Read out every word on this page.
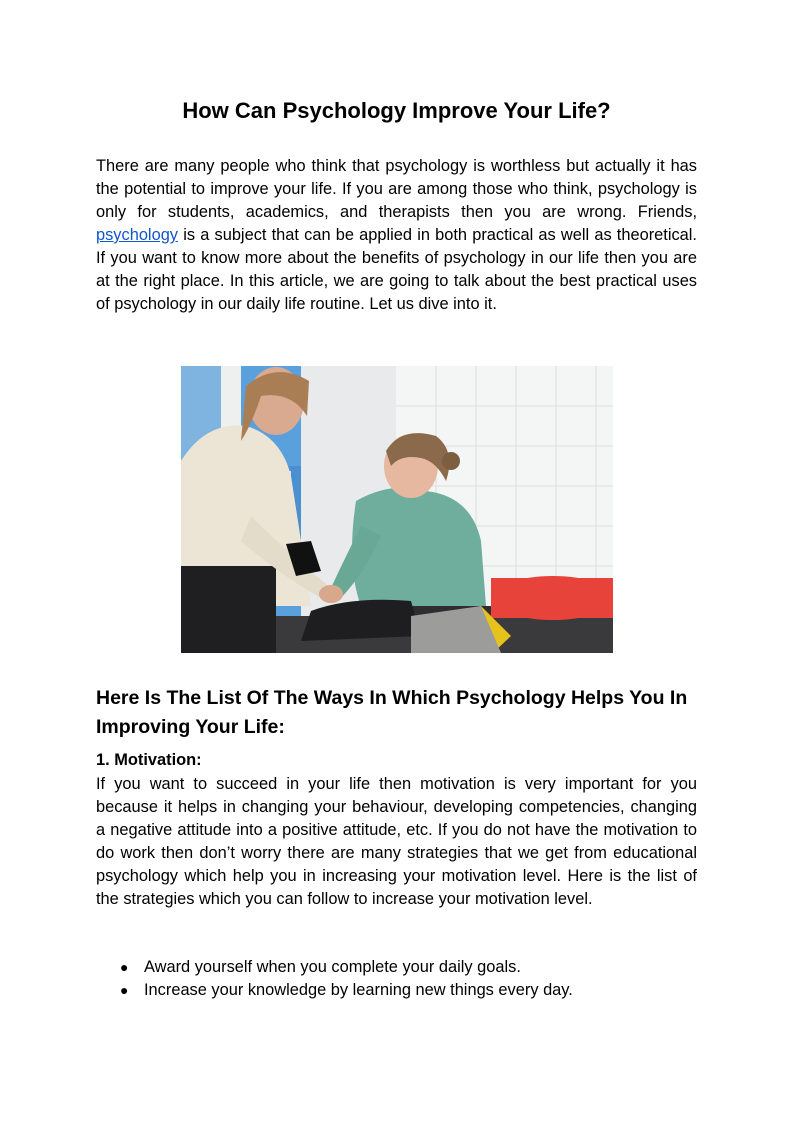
How Can Psychology Improve Your Life?

There are many people who think that psychology is worthless but actually it has the potential to improve your life. If you are among those who think, psychology is only for students, academics, and therapists then you are wrong. Friends, psychology is a subject that can be applied in both practical as well as theoretical. If you want to know more about the benefits of psychology in our life then you are at the right place. In this article, we are going to talk about the best practical uses of psychology in our daily life routine. Let us dive into it.

Here Is The List Of The Ways In Which Psychology Helps You In Improving Your Life:
1. Motivation:

If you want to succeed in your life then motivation is very important for you because it helps in changing your behaviour, developing competencies, changing a negative attitude into a positive attitude, etc. If you do not have the motivation to do work then don’t worry there are many strategies that we get from educational psychology which help you in increasing your motivation level. Here is the list of the strategies which you can follow to increase your motivation level.

● Award yourself when you complete your daily goals.
● Increase your knowledge by learning new things every day.
